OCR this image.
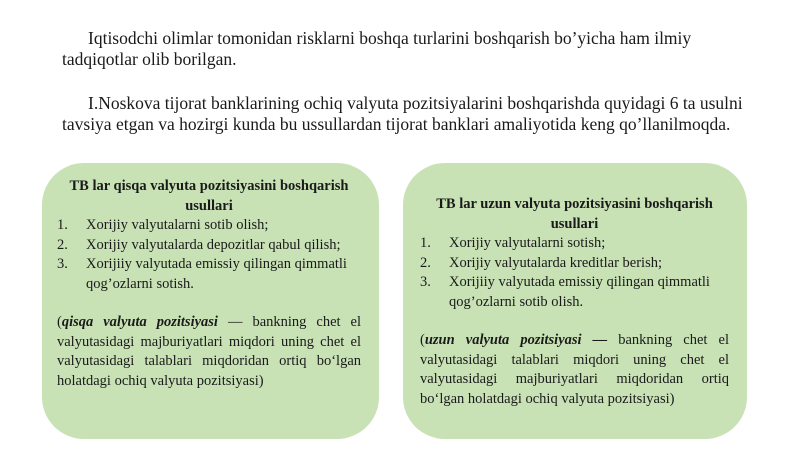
Iqtisodchi olimlar tomonidan risklarni boshqa turlarini boshqarish bo’yicha ham ilmiy tadqiqotlar olib borilgan.

I.Noskova tijorat banklarining ochiq valyuta pozitsiyalarini boshqarishda quyidagi 6 ta usulni tavsiya etgan va hozirgi kunda bu ussullardan tijorat banklari amaliyotida keng qo’llanilmoqda.

TB lar qisqa valyuta pozitsiyasini boshqarish usullari

1.	Xorijiy valyutalarni sotib olish;
2.	Xorijiy valyutalarda depozitlar qabul qilish;
3.	Xorijiiy valyutada emissiy qilingan qimmatli qog’ozlarni sotish.

(qisqa valyuta pozitsiyasi — bankning chet el valyutasidagi majburiyatlari miqdori uning chet el valyutasidagi talablari miqdoridan ortiq bo‘lgan holatdagi ochiq valyuta pozitsiyasi)

TB lar uzun valyuta pozitsiyasini boshqarish usullari

1.	Xorijiy valyutalarni sotish;
2.	Xorijiy valyutalarda kreditlar berish;
3.	Xorijiiy valyutada emissiy qilingan qimmatli qog’ozlarni sotib olish.

(uzun valyuta pozitsiyasi — bankning chet el valyutasidagi talablari miqdori uning chet el valyutasidagi majburiyatlari miqdoridan ortiq bo‘lgan holatdagi ochiq valyuta pozitsiyasi)
